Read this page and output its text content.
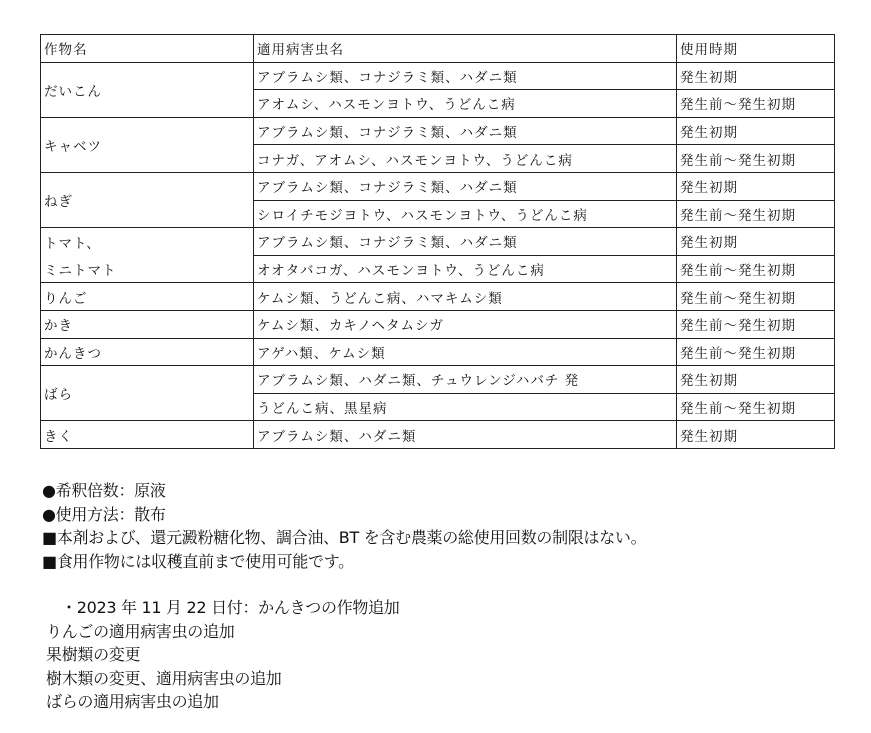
作物名	適用病害虫名	使用時期
だいこん	アブラムシ類、コナジラミ類、ハダニ類	発生初期
	アオムシ、ハスモンヨトウ、うどんこ病	発生前～発生初期
キャベツ	アブラムシ類、コナジラミ類、ハダニ類	発生初期
	コナガ、アオムシ、ハスモンヨトウ、うどんこ病	発生前～発生初期
ねぎ	アブラムシ類、コナジラミ類、ハダニ類	発生初期
	シロイチモジヨトウ、ハスモンヨトウ、うどんこ病	発生前～発生初期
トマト、	アブラムシ類、コナジラミ類、ハダニ類	発生初期
ミニトマト	オオタバコガ、ハスモンヨトウ、うどんこ病	発生前～発生初期
りんご	ケムシ類、うどんこ病、ハマキムシ類	発生前～発生初期
かき	ケムシ類、カキノヘタムシガ	発生前～発生初期
かんきつ	アゲハ類、ケムシ類	発生前～発生初期
ばら	アブラムシ類、ハダニ類、チュウレンジハバチ 発	発生初期
	うどんこ病、黒星病	発生前～発生初期
きく	アブラムシ類、ハダニ類	発生初期
●希釈倍数：原液
●使用方法：散布
■本剤および、還元澱粉糖化物、調合油、BT を含む農薬の総使用回数の制限はない。
■食用作物には収穫直前まで使用可能です。
・2023 年 11 月 22 日付：かんきつの作物追加
りんごの適用病害虫の追加
果樹類の変更
樹木類の変更、適用病害虫の追加
ばらの適用病害虫の追加
